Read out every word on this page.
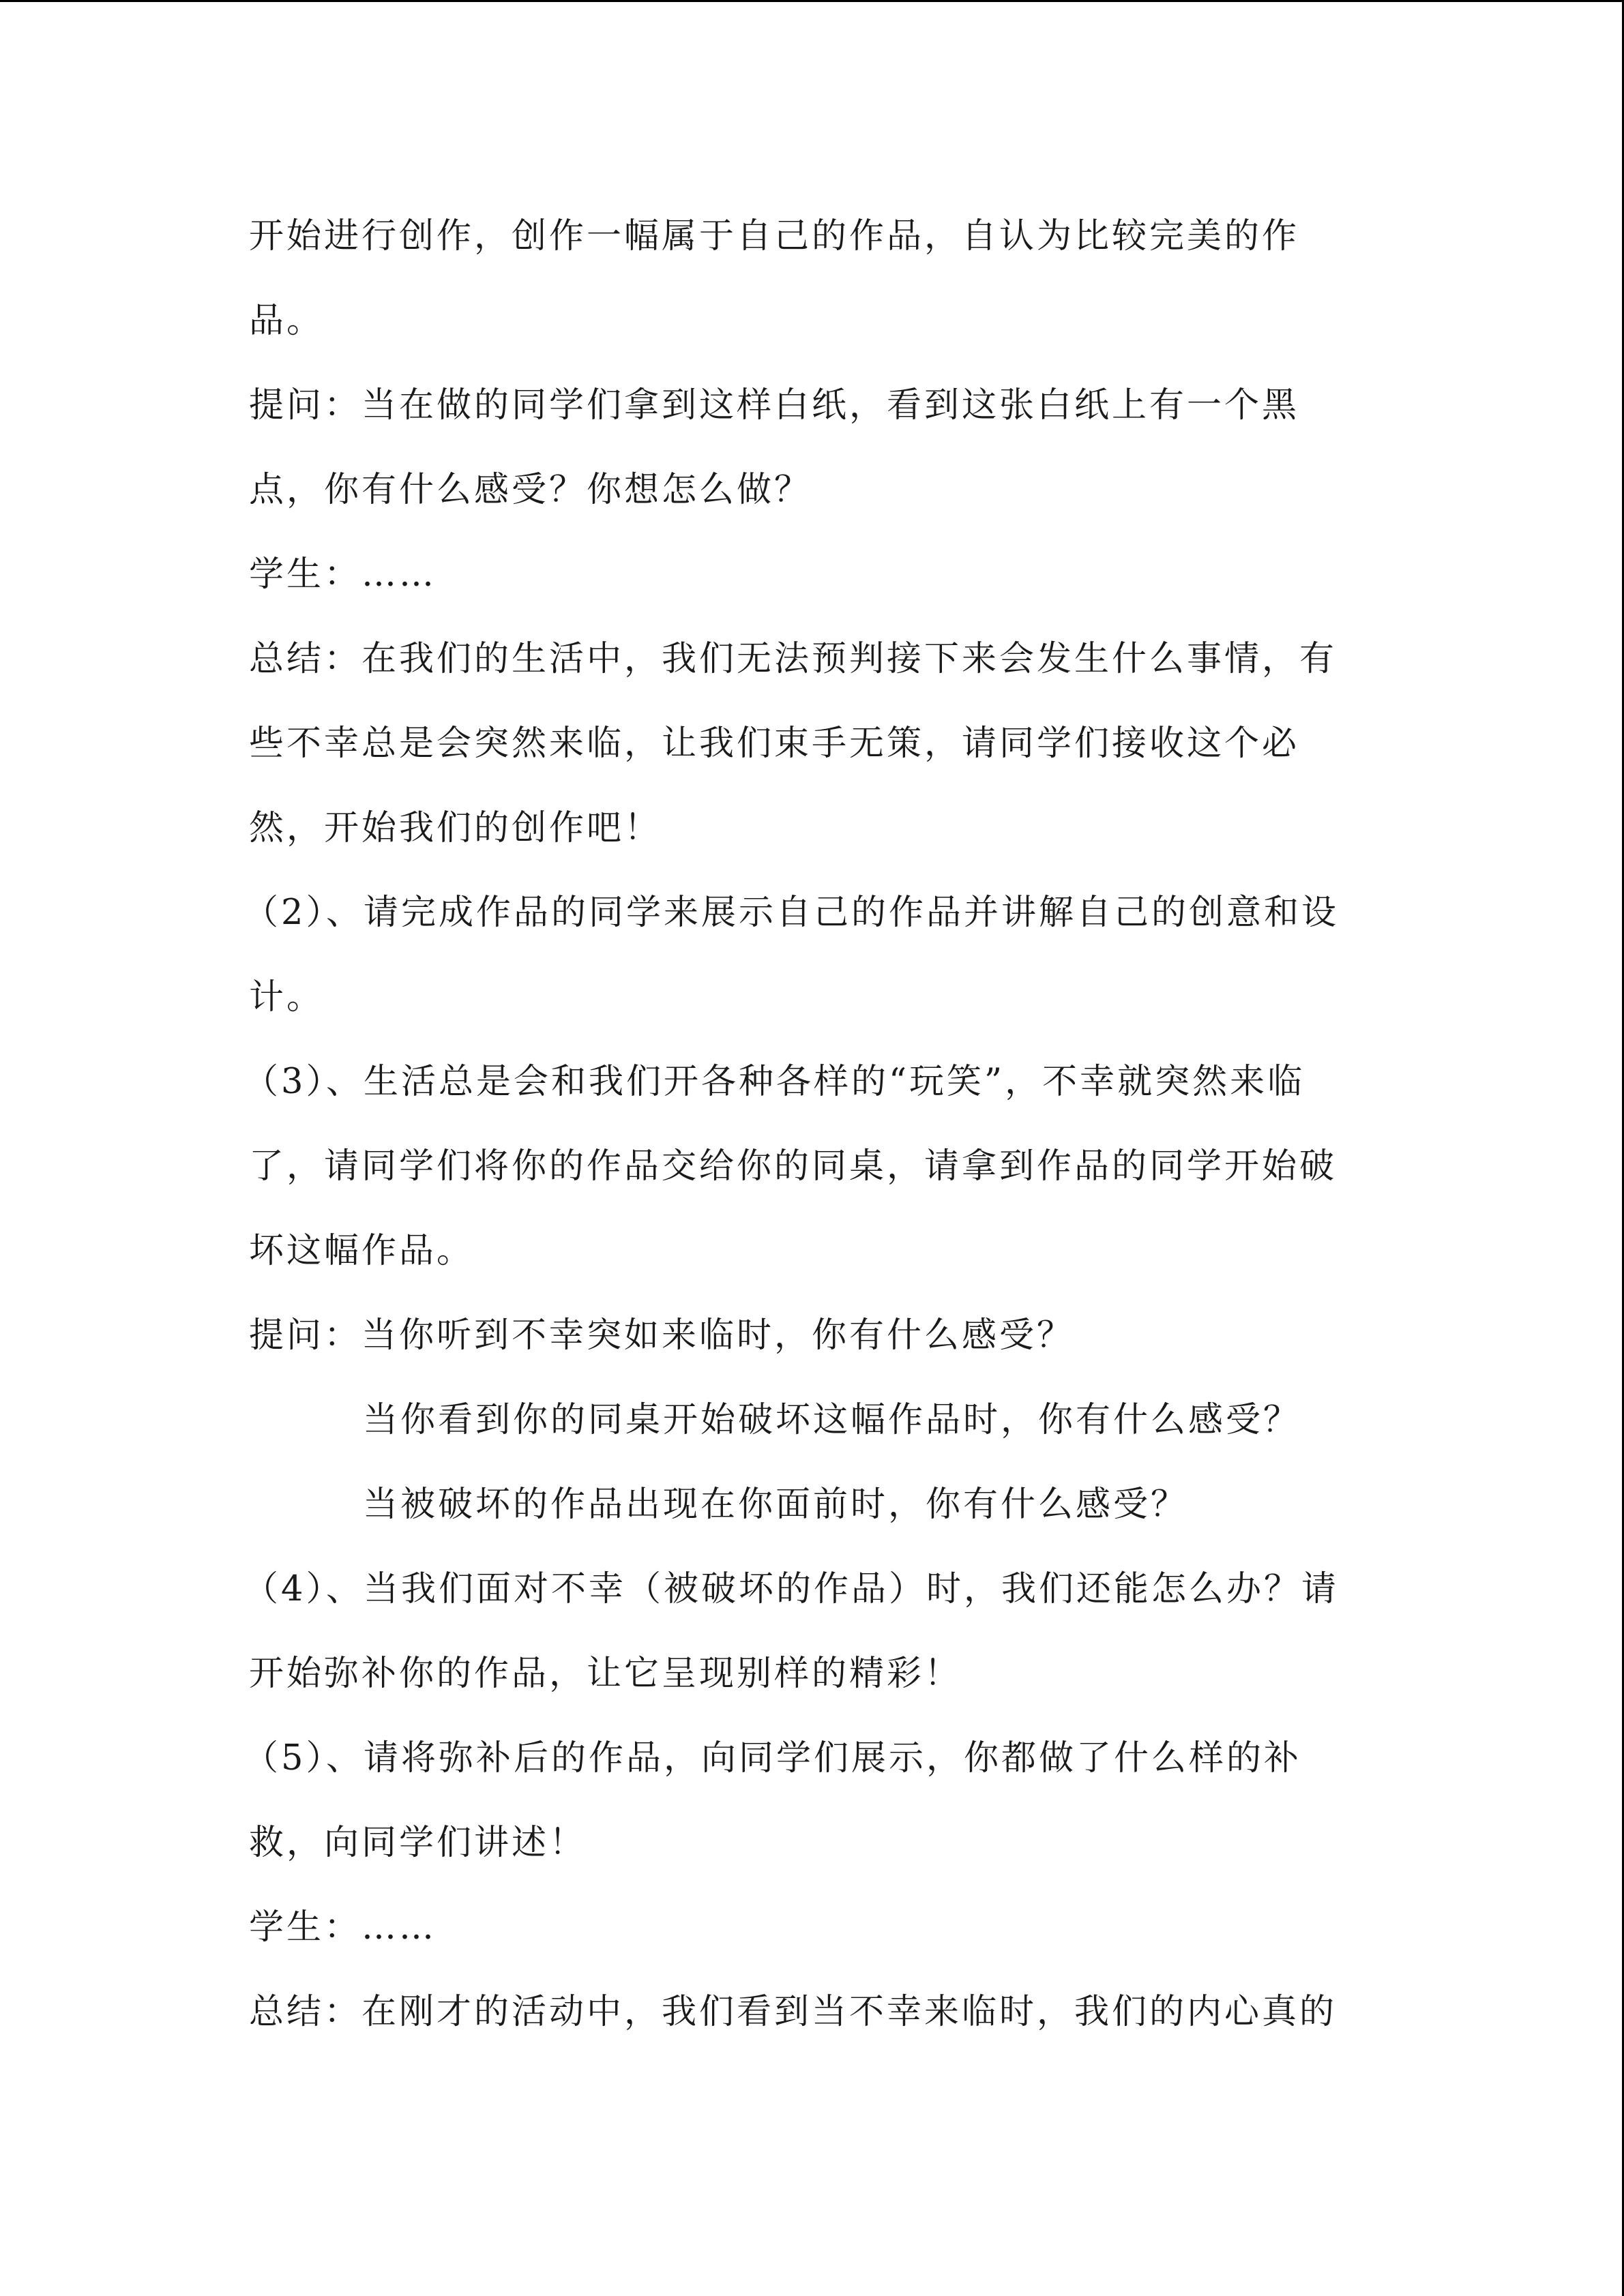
开始进行创作，创作一幅属于自己的作品，自认为比较完美的作
品。
提问：当在做的同学们拿到这样白纸，看到这张白纸上有一个黑
点，你有什么感受？你想怎么做？
学生：……
总结：在我们的生活中，我们无法预判接下来会发生什么事情，有
些不幸总是会突然来临，让我们束手无策，请同学们接收这个必
然，开始我们的创作吧！
（2）、请完成作品的同学来展示自己的作品并讲解自己的创意和设
计。
（3）、生活总是会和我们开各种各样的“玩笑”，不幸就突然来临
了，请同学们将你的作品交给你的同桌，请拿到作品的同学开始破
坏这幅作品。
提问：当你听到不幸突如来临时，你有什么感受？
当你看到你的同桌开始破坏这幅作品时，你有什么感受？
当被破坏的作品出现在你面前时，你有什么感受？
（4）、当我们面对不幸（被破坏的作品）时，我们还能怎么办？请
开始弥补你的作品，让它呈现别样的精彩！
（5）、请将弥补后的作品，向同学们展示，你都做了什么样的补
救，向同学们讲述！
学生：……
总结：在刚才的活动中，我们看到当不幸来临时，我们的内心真的
